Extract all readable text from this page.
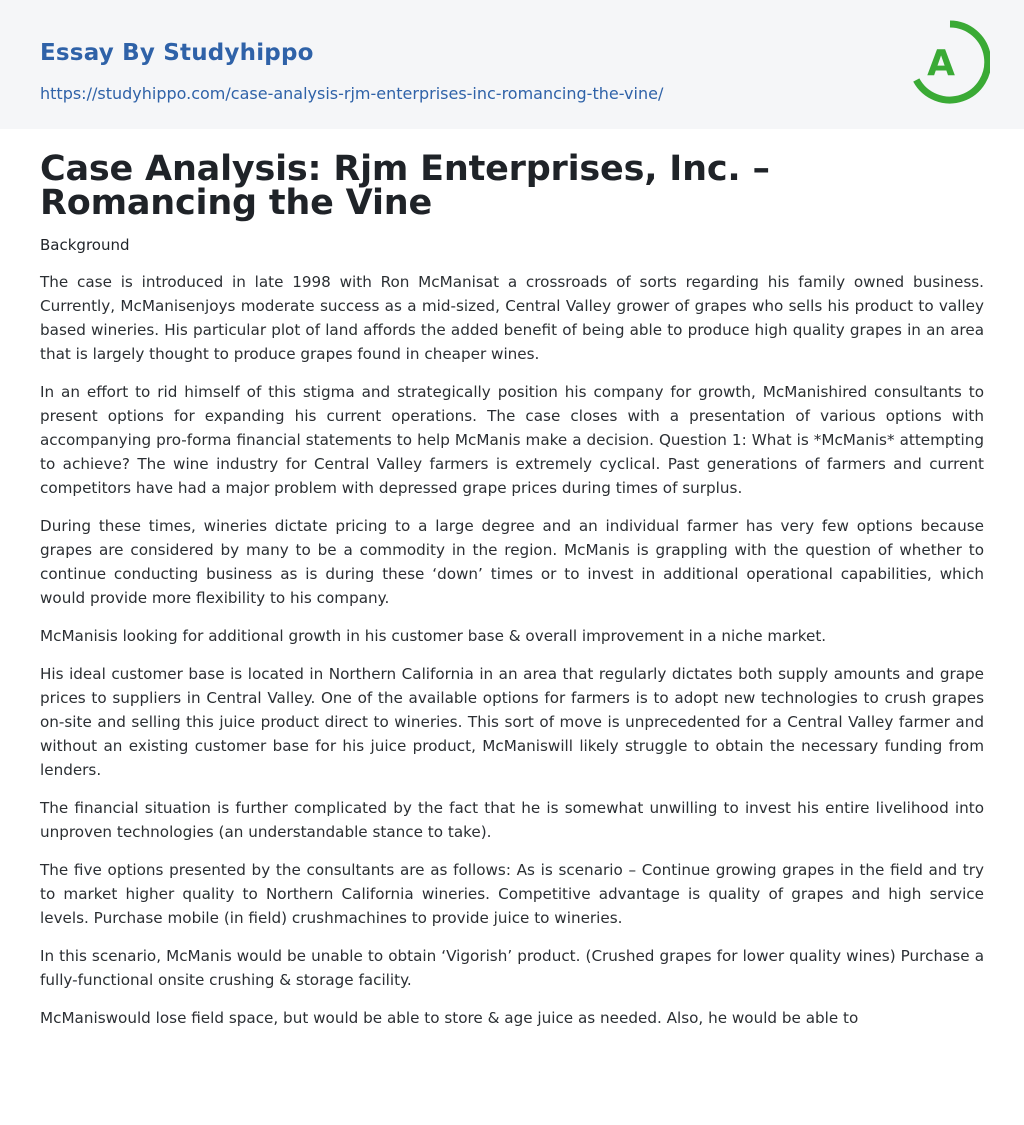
Essay By Studyhippo
https://studyhippo.com/case-analysis-rjm-enterprises-inc-romancing-the-vine/
A
Case Analysis: Rjm Enterprises, Inc. – Romancing the Vine

Background

The case is introduced in late 1998 with Ron McManisat a crossroads of sorts regarding his family owned business. Currently, McManisenjoys moderate success as a mid-sized, Central Valley grower of grapes who sells his product to valley based wineries. His particular plot of land affords the added benefit of being able to produce high quality grapes in an area that is largely thought to produce grapes found in cheaper wines.

In an effort to rid himself of this stigma and strategically position his company for growth, McManishired consultants to present options for expanding his current operations. The case closes with a presentation of various options with accompanying pro-forma financial statements to help McManis make a decision. Question 1: What is *McManis* attempting to achieve? The wine industry for Central Valley farmers is extremely cyclical. Past generations of farmers and current competitors have had a major problem with depressed grape prices during times of surplus.

During these times, wineries dictate pricing to a large degree and an individual farmer has very few options because grapes are considered by many to be a commodity in the region. McManis is grappling with the question of whether to continue conducting business as is during these ‘down’ times or to invest in additional operational capabilities, which would provide more flexibility to his company.

McManisis looking for additional growth in his customer base & overall improvement in a niche market.

His ideal customer base is located in Northern California in an area that regularly dictates both supply amounts and grape prices to suppliers in Central Valley. One of the available options for farmers is to adopt new technologies to crush grapes on-site and selling this juice product direct to wineries. This sort of move is unprecedented for a Central Valley farmer and without an existing customer base for his juice product, McManiswill likely struggle to obtain the necessary funding from lenders.

The financial situation is further complicated by the fact that he is somewhat unwilling to invest his entire livelihood into unproven technologies (an understandable stance to take).

The five options presented by the consultants are as follows: As is scenario – Continue growing grapes in the field and try to market higher quality to Northern California wineries. Competitive advantage is quality of grapes and high service levels. Purchase mobile (in field) crushmachines to provide juice to wineries.

In this scenario, McManis would be unable to obtain ‘Vigorish’ product. (Crushed grapes for lower quality wines) Purchase a fully-functional onsite crushing & storage facility.

McManiswould lose field space, but would be able to store & age juice as needed. Also, he would be able to
